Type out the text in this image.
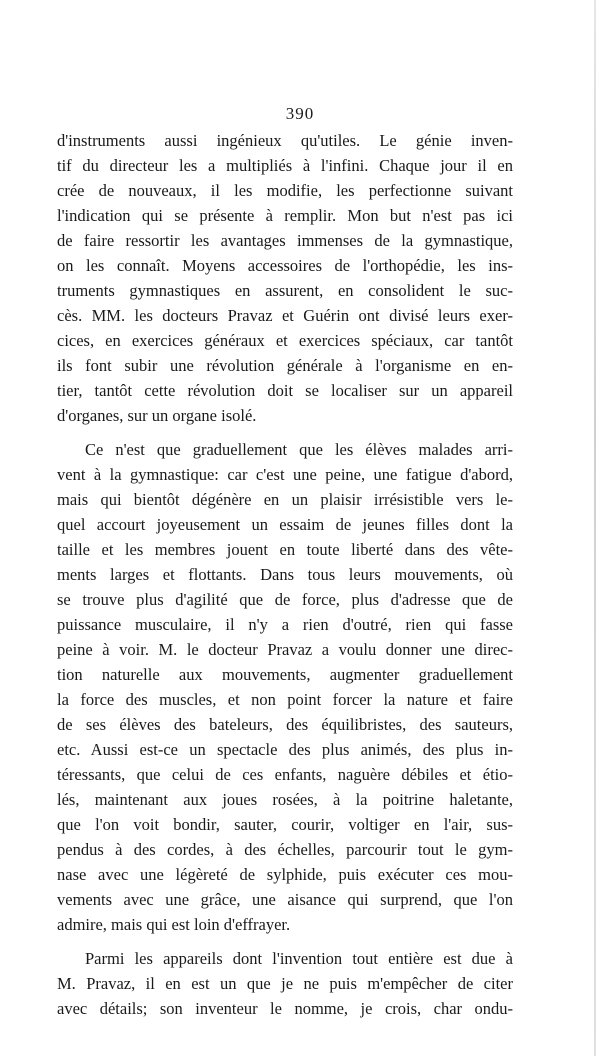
390
d'instruments aussi ingénieux qu'utiles. Le génie inven-
tif du directeur les a multipliés à l'infini. Chaque jour il en
crée de nouveaux, il les modifie, les perfectionne suivant
l'indication qui se présente à remplir. Mon but n'est pas ici
de faire ressortir les avantages immenses de la gymnastique,
on les connaît. Moyens accessoires de l'orthopédie, les ins-
truments gymnastiques en assurent, en consolident le suc-
cès. MM. les docteurs Pravaz et Guérin ont divisé leurs exer-
cices, en exercices généraux et exercices spéciaux, car tantôt
ils font subir une révolution générale à l'organisme en en-
tier, tantôt cette révolution doit se localiser sur un appareil
d'organes, sur un organe isolé.
Ce n'est que graduellement que les élèves malades arri-
vent à la gymnastique: car c'est une peine, une fatigue d'abord,
mais qui bientôt dégénère en un plaisir irrésistible vers le-
quel accourt joyeusement un essaim de jeunes filles dont la
taille et les membres jouent en toute liberté dans des vête-
ments larges et flottants. Dans tous leurs mouvements, où
se trouve plus d'agilité que de force, plus d'adresse que de
puissance musculaire, il n'y a rien d'outré, rien qui fasse
peine à voir. M. le docteur Pravaz a voulu donner une direc-
tion naturelle aux mouvements, augmenter graduellement
la force des muscles, et non point forcer la nature et faire
de ses élèves des bateleurs, des équilibristes, des sauteurs,
etc. Aussi est-ce un spectacle des plus animés, des plus in-
téressants, que celui de ces enfants, naguère débiles et étio-
lés, maintenant aux joues rosées, à la poitrine haletante,
que l'on voit bondir, sauter, courir, voltiger en l'air, sus-
pendus à des cordes, à des échelles, parcourir tout le gym-
nase avec une légèreté de sylphide, puis exécuter ces mou-
vements avec une grâce, une aisance qui surprend, que l'on
admire, mais qui est loin d'effrayer.
Parmi les appareils dont l'invention tout entière est due à
M. Pravaz, il en est un que je ne puis m'empêcher de citer
avec détails; son inventeur le nomme, je crois, char ondu-
